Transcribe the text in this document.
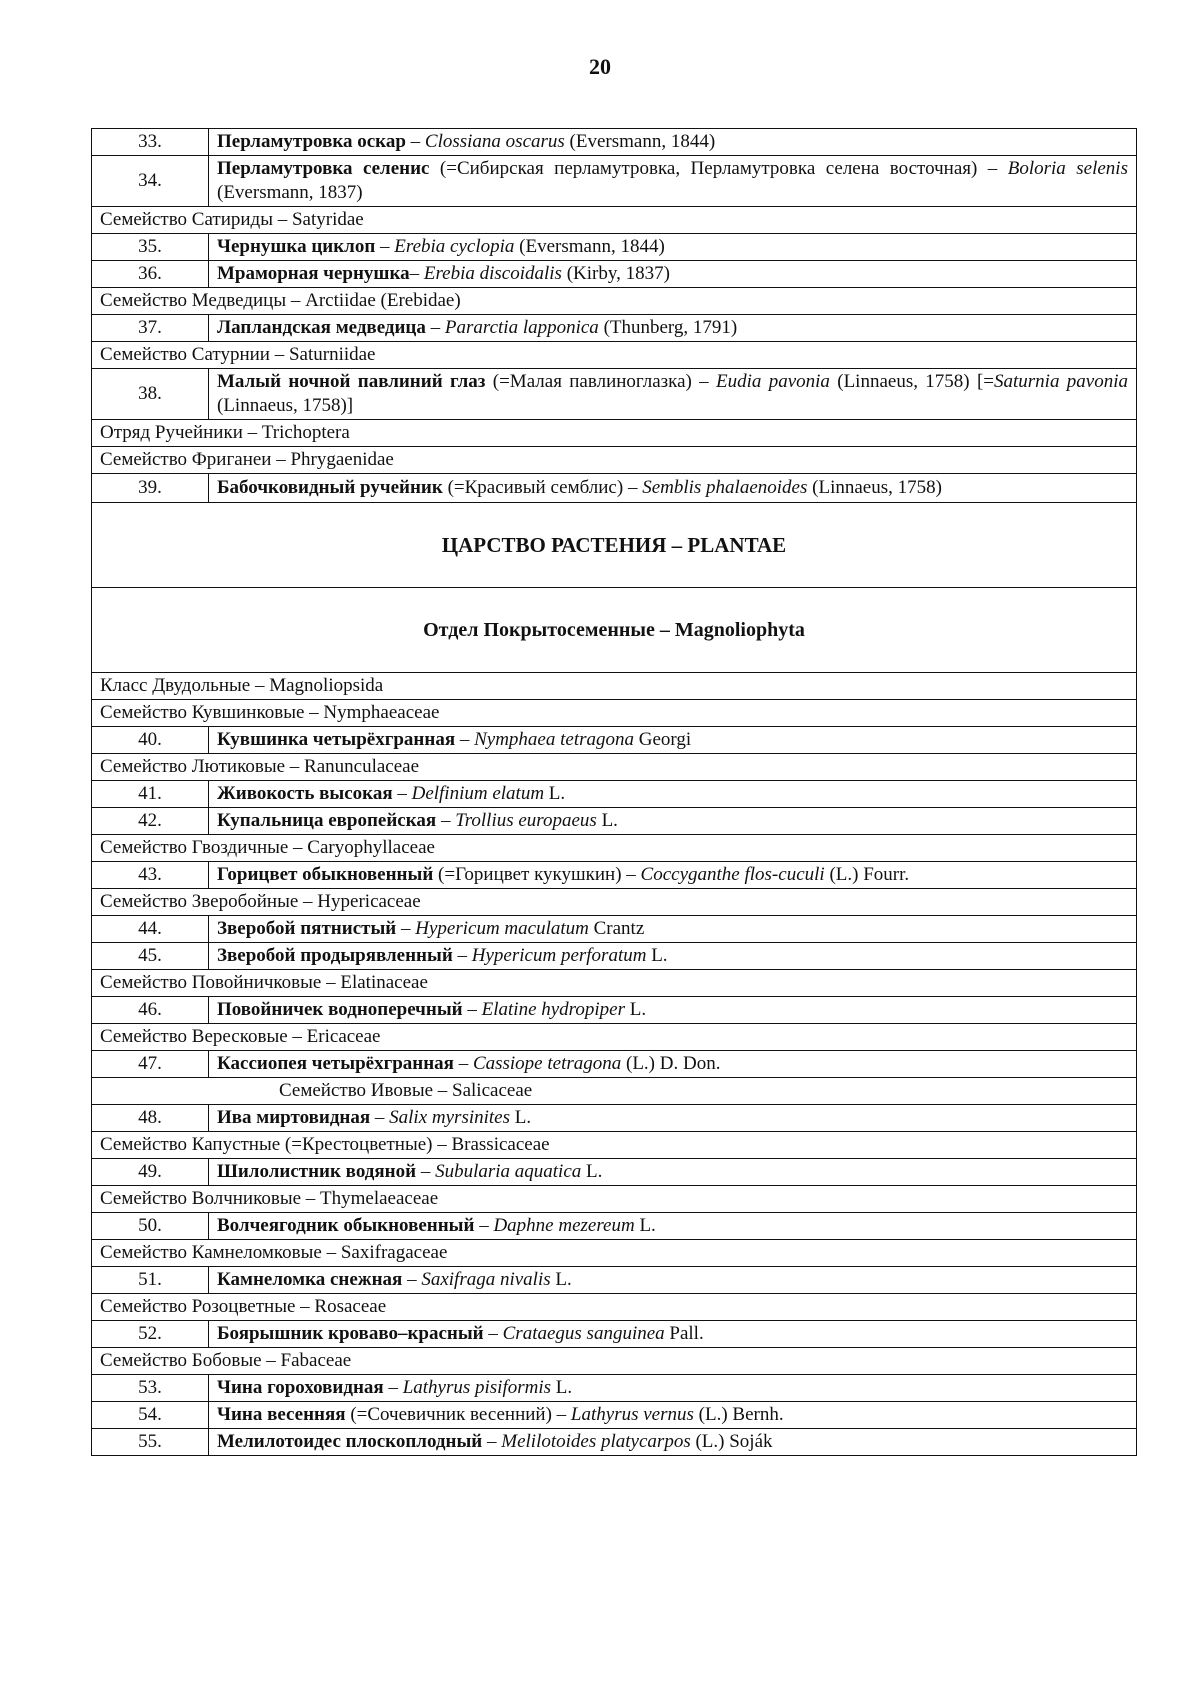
20
33.	Перламутровка оскар – Clossiana oscarus (Eversmann, 1844)
34.	Перламутровка селенис (=Сибирская перламутровка, Перламутровка селена восточная) – Boloria selenis (Eversmann, 1837)
Семейство Сатириды – Satyridae	
35.	Чернушка циклоп – Erebia cyclopia (Eversmann, 1844)
36.	Мраморная чернушка– Erebia discoidalis (Kirby, 1837)
Семейство Медведицы – Arctiidae (Erebidae)	
37.	Лапландская медведица – Pararctia lapponica (Thunberg, 1791)
Семейство Сатурнии – Saturniidae	
38.	Малый ночной павлиний глаз (=Малая павлиноглазка) – Eudia pavonia (Linnaeus, 1758) [=Saturnia pavonia (Linnaeus, 1758)]
Отряд Ручейники – Trichoptera	
Семейство Фриганеи – Phrygaenidae	
39.	Бабочковидный ручейник (=Красивый семблис) – Semblis phalaenoides (Linnaeus, 1758)
ЦАРСТВО РАСТЕНИЯ – PLANTAE	
Отдел Покрытосеменные – Magnoliophyta	
Класс Двудольные – Magnoliopsida	
Семейство Кувшинковые – Nymphaeaceae	
40.	Кувшинка четырёхгранная – Nymphaea tetragona Georgi
Семейство Лютиковые – Ranunculaceae	
41.	Живокость высокая – Delfinium elatum L.
42.	Купальница европейская – Trollius europaeus L.
Семейство Гвоздичные – Caryophyllaceae	
43.	Горицвет обыкновенный (=Горицвет кукушкин) – Coccyganthe flos-cuculi (L.) Fourr.
Семейство Зверобойные – Hypericaceae	
44.	Зверобой пятнистый – Hypericum maculatum Crantz
45.	Зверобой продырявленный – Hypericum perforatum L.
Семейство Повойничковые – Elatinaceae	
46.	Повойничек водноперечный – Elatine hydropiper L.
Семейство Вересковые – Ericaceae	
47.	Кассиопея четырёхгранная – Cassiope tetragona (L.) D. Don.
Семейство Ивовые – Salicaceae	
48.	Ива миртовидная – Salix myrsinites L.
Семейство Капустные (=Крестоцветные) – Brassicaceae	
49.	Шилолистник водяной – Subularia aquatica L.
Семейство Волчниковые – Thymelaeaceae	
50.	Волчеягодник обыкновенный – Daphne mezereum L.
Семейство Камнеломковые – Saxifragaceae	
51.	Камнеломка снежная – Saxifraga nivalis L.
Семейство Розоцветные – Rosaceae	
52.	Боярышник кроваво–красный – Crataegus sanguinea Pall.
Семейство Бобовые – Fabaceae	
53.	Чина гороховидная – Lathyrus pisiformis L.
54.	Чина весенняя (=Сочевичник весенний) – Lathyrus vernus (L.) Bernh.
55.	Мелилотоидес плоскоплодный – Melilotoides platycarpos (L.) Soják
